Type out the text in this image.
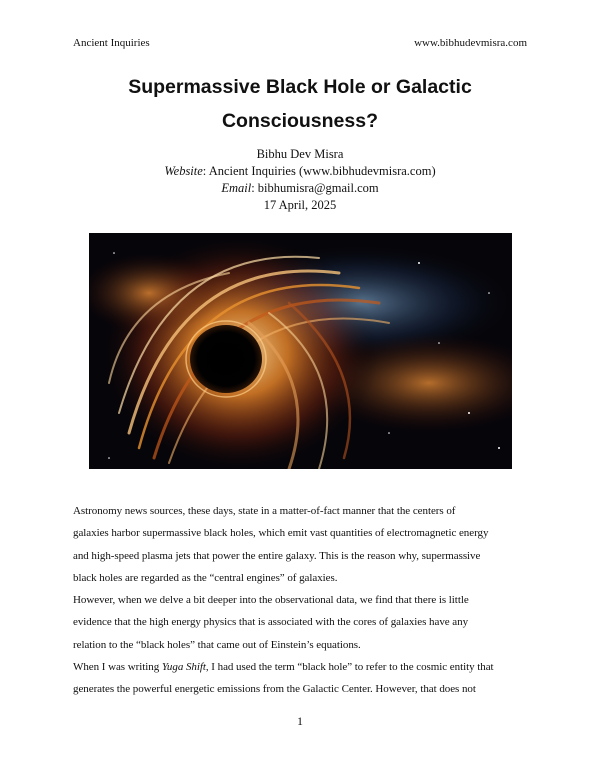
Ancient Inquiries	www.bibhudevmisra.com
Supermassive Black Hole or Galactic
Consciousness?
Bibhu Dev Misra
Website: Ancient Inquiries (www.bibhudevmisra.com)
Email: bibhumisra@gmail.com
17 April, 2025

Astronomy news sources, these days, state in a matter-of-fact manner that the centers of
galaxies harbor supermassive black holes, which emit vast quantities of electromagnetic energy
and high-speed plasma jets that power the entire galaxy. This is the reason why, supermassive
black holes are regarded as the “central engines” of galaxies.

However, when we delve a bit deeper into the observational data, we find that there is little
evidence that the high energy physics that is associated with the cores of galaxies have any
relation to the “black holes” that came out of Einstein’s equations.

When I was writing Yuga Shift, I had used the term “black hole” to refer to the cosmic entity that
generates the powerful energetic emissions from the Galactic Center. However, that does not

1
